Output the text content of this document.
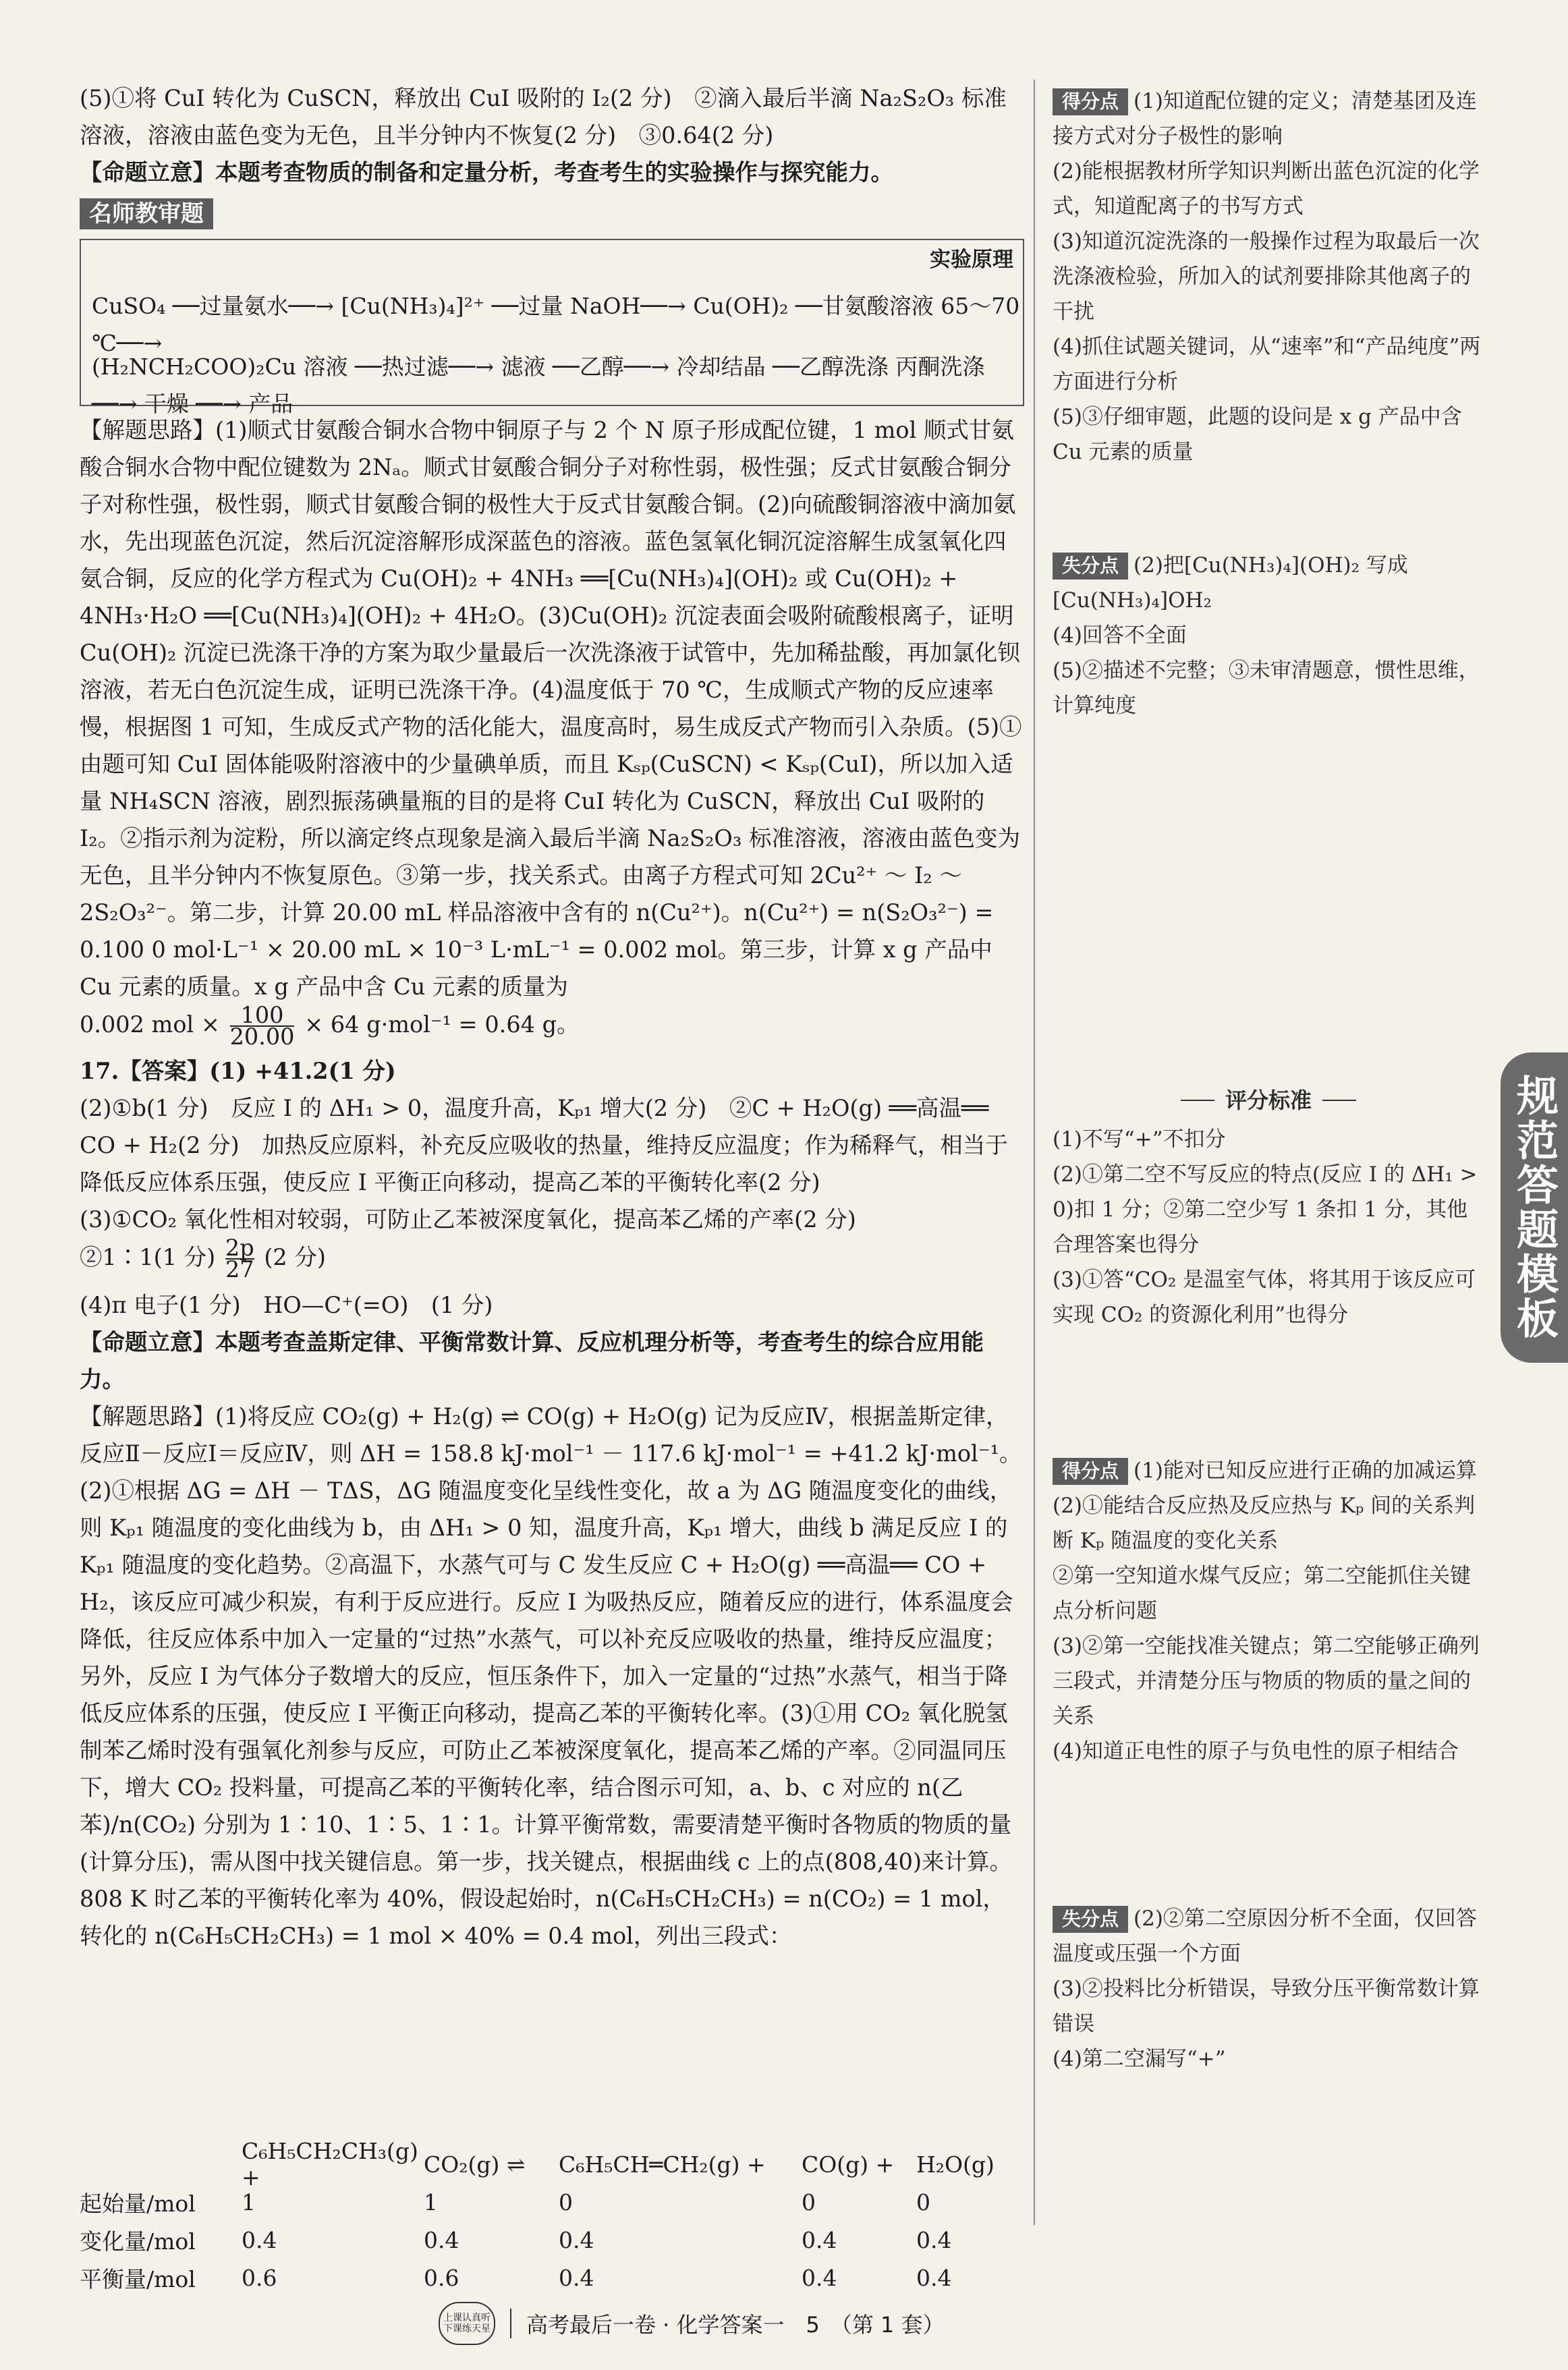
(5)①将 CuI 转化为 CuSCN，释放出 CuI 吸附的 I₂(2 分)　②滴入最后半滴 Na₂S₂O₃ 标准溶液，溶液由蓝色变为无色，且半分钟内不恢复(2 分)　③0.64(2 分)

【命题立意】本题考查物质的制备和定量分析，考查考生的实验操作与探究能力。

名师教审题
实验原理
CuSO₄ ──过量氨水──→ [Cu(NH₃)₄]²⁺ ──过量 NaOH──→ Cu(OH)₂ ──甘氨酸溶液 65～70 ℃──→
(H₂NCH₂COO)₂Cu 溶液 ──热过滤──→ 滤液 ──乙醇──→ 冷却结晶 ──乙醇洗涤 丙酮洗涤──→ 干燥 ──→ 产品

【解题思路】(1)顺式甘氨酸合铜水合物中铜原子与 2 个 N 原子形成配位键，1 mol 顺式甘氨酸合铜水合物中配位键数为 2Nₐ。顺式甘氨酸合铜分子对称性弱，极性强；反式甘氨酸合铜分子对称性强，极性弱，顺式甘氨酸合铜的极性大于反式甘氨酸合铜。(2)向硫酸铜溶液中滴加氨水，先出现蓝色沉淀，然后沉淀溶解形成深蓝色的溶液。蓝色氢氧化铜沉淀溶解生成氢氧化四氨合铜，反应的化学方程式为 Cu(OH)₂ + 4NH₃ ══[Cu(NH₃)₄](OH)₂ 或 Cu(OH)₂ + 4NH₃·H₂O ══[Cu(NH₃)₄](OH)₂ + 4H₂O。(3)Cu(OH)₂ 沉淀表面会吸附硫酸根离子，证明 Cu(OH)₂ 沉淀已洗涤干净的方案为取少量最后一次洗涤液于试管中，先加稀盐酸，再加氯化钡溶液，若无白色沉淀生成，证明已洗涤干净。(4)温度低于 70 ℃，生成顺式产物的反应速率慢，根据图 1 可知，生成反式产物的活化能大，温度高时，易生成反式产物而引入杂质。(5)①由题可知 CuI 固体能吸附溶液中的少量碘单质，而且 Kₛₚ(CuSCN) < Kₛₚ(CuI)，所以加入适量 NH₄SCN 溶液，剧烈振荡碘量瓶的目的是将 CuI 转化为 CuSCN，释放出 CuI 吸附的 I₂。②指示剂为淀粉，所以滴定终点现象是滴入最后半滴 Na₂S₂O₃ 标准溶液，溶液由蓝色变为无色，且半分钟内不恢复原色。③第一步，找关系式。由离子方程式可知 2Cu²⁺ ～ I₂ ～ 2S₂O₃²⁻。第二步，计算 20.00 mL 样品溶液中含有的 n(Cu²⁺)。n(Cu²⁺) = n(S₂O₃²⁻) = 0.100 0 mol·L⁻¹ × 20.00 mL × 10⁻³ L·mL⁻¹ = 0.002 mol。第三步，计算 x g 产品中 Cu 元素的质量。x g 产品中含 Cu 元素的质量为

0.002 mol × $\frac{100}{20.00} \times 64$ g·mol⁻¹ = 0.64 g。

17.【答案】(1) +41.2(1 分)

(2)①b(1 分)　反应 Ⅰ 的 ΔH₁ > 0，温度升高，Kₚ₁ 增大(2 分)　②C + H₂O(g) ══高温══ CO + H₂(2 分)　加热反应原料，补充反应吸收的热量，维持反应温度；作为稀释气，相当于降低反应体系压强，使反应 Ⅰ 平衡正向移动，提高乙苯的平衡转化率(2 分)

(3)①CO₂ 氧化性相对较弱，可防止乙苯被深度氧化，提高苯乙烯的产率(2 分)

②1∶1(1 分) $\frac{2p}{27} (2$ 分)

(4)π 电子(1 分)　HO—C⁺(=O)　(1 分)

【命题立意】本题考查盖斯定律、平衡常数计算、反应机理分析等，考查考生的综合应用能力。

【解题思路】(1)将反应 CO₂(g) + H₂(g) ⇌ CO(g) + H₂O(g) 记为反应Ⅳ，根据盖斯定律，反应Ⅱ－反应Ⅰ＝反应Ⅳ，则 ΔH = 158.8 kJ·mol⁻¹ － 117.6 kJ·mol⁻¹ = +41.2 kJ·mol⁻¹。(2)①根据 ΔG = ΔH － TΔS，ΔG 随温度变化呈线性变化，故 a 为 ΔG 随温度变化的曲线，则 Kₚ₁ 随温度的变化曲线为 b，由 ΔH₁ > 0 知，温度升高，Kₚ₁ 增大，曲线 b 满足反应 Ⅰ 的 Kₚ₁ 随温度的变化趋势。②高温下，水蒸气可与 C 发生反应 C + H₂O(g) ══高温══ CO + H₂，该反应可减少积炭，有利于反应进行。反应 Ⅰ 为吸热反应，随着反应的进行，体系温度会降低，往反应体系中加入一定量的“过热”水蒸气，可以补充反应吸收的热量，维持反应温度；另外，反应 Ⅰ 为气体分子数增大的反应，恒压条件下，加入一定量的“过热”水蒸气，相当于降低反应体系的压强，使反应 Ⅰ 平衡正向移动，提高乙苯的平衡转化率。(3)①用 CO₂ 氧化脱氢制苯乙烯时没有强氧化剂参与反应，可防止乙苯被深度氧化，提高苯乙烯的产率。②同温同压下，增大 CO₂ 投料量，可提高乙苯的平衡转化率，结合图示可知，a、b、c 对应的 n(乙苯)/n(CO₂) 分别为 1∶10、1∶5、1∶1。计算平衡常数，需要清楚平衡时各物质的物质的量(计算分压)，需从图中找关键信息。第一步，找关键点，根据曲线 c 上的点(808,40)来计算。808 K 时乙苯的平衡转化率为 40%，假设起始时，n(C₆H₅CH₂CH₃) = n(CO₂) = 1 mol，转化的 n(C₆H₅CH₂CH₃) = 1 mol × 40% = 0.4 mol，列出三段式：

C₆H₅CH₂CH₃(g) +	CO₂(g) ⇌	C₆H₅CH═CH₂(g) +	CO(g) + H₂O(g)
起始量/mol	1	1	0	0	0
变化量/mol	0.4	0.4	0.4	0.4	0.4
平衡量/mol	0.6	0.6	0.4	0.4	0.4
得分点 (1)知道配位键的定义；清楚基团及连接方式对分子极性的影响
(2)能根据教材所学知识判断出蓝色沉淀的化学式，知道配离子的书写方式
(3)知道沉淀洗涤的一般操作过程为取最后一次洗涤液检验，所加入的试剂要排除其他离子的干扰
(4)抓住试题关键词，从“速率”和“产品纯度”两方面进行分析
(5)③仔细审题，此题的设问是 x g 产品中含 Cu 元素的质量
失分点 (2)把[Cu(NH₃)₄](OH)₂ 写成[Cu(NH₃)₄]OH₂
(4)回答不全面
(5)②描述不完整；③未审清题意，惯性思维，计算纯度
评分标准
(1)不写“+”不扣分
(2)①第二空不写反应的特点(反应 Ⅰ 的 ΔH₁ > 0)扣 1 分；②第二空少写 1 条扣 1 分，其他合理答案也得分
(3)①答“CO₂ 是温室气体，将其用于该反应可实现 CO₂ 的资源化利用”也得分
得分点 (1)能对已知反应进行正确的加减运算
(2)①能结合反应热及反应热与 Kₚ 间的关系判断 Kₚ 随温度的变化关系
②第一空知道水煤气反应；第二空能抓住关键点分析问题
(3)②第一空能找准关键点；第二空能够正确列三段式，并清楚分压与物质的物质的量之间的关系
(4)知道正电性的原子与负电性的原子相结合
失分点 (2)②第二空原因分析不全面，仅回答温度或压强一个方面
(3)②投料比分析错误，导致分压平衡常数计算错误
(4)第二空漏写“+”
规范答题模板
上课认真听 下课练天星 高考最后一卷 · 化学答案一　5　（第 1 套）
